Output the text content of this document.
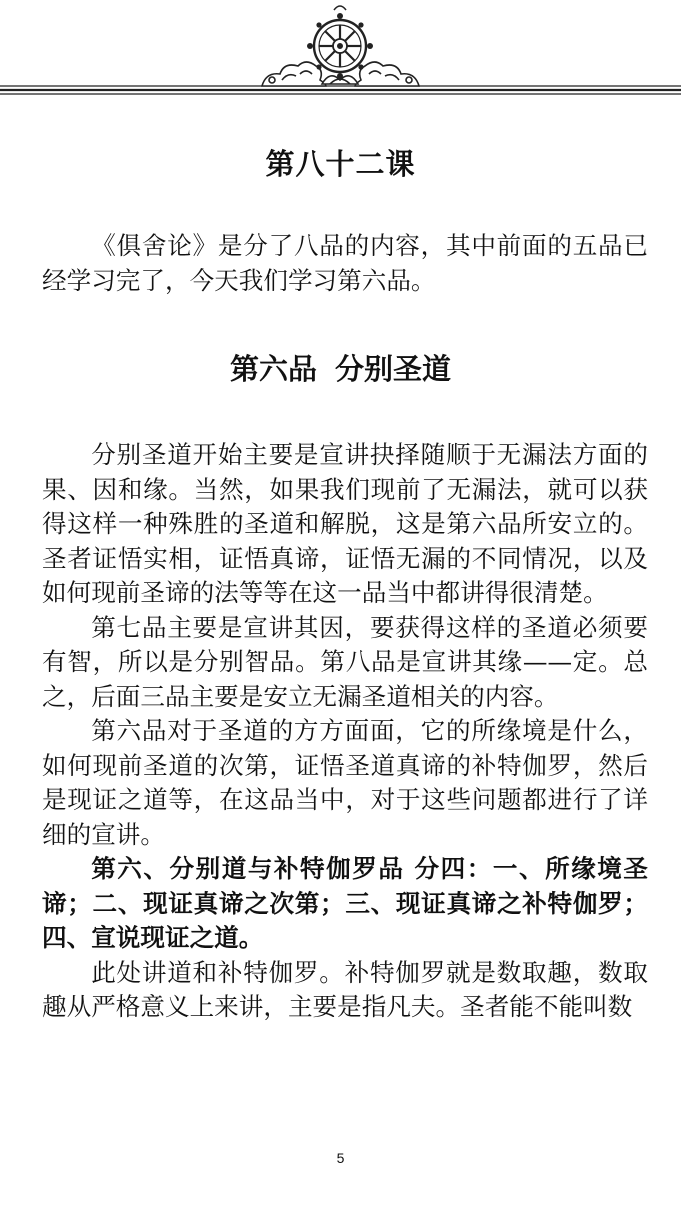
第八十二课

《俱舍论》是分了八品的内容，其中前面的五品已经学习完了，今天我们学习第六品。

第六品 分别圣道

分别圣道开始主要是宣讲抉择随顺于无漏法方面的果、因和缘。当然，如果我们现前了无漏法，就可以获得这样一种殊胜的圣道和解脱，这是第六品所安立的。圣者证悟实相，证悟真谛，证悟无漏的不同情况，以及如何现前圣谛的法等等在这一品当中都讲得很清楚。

第七品主要是宣讲其因，要获得这样的圣道必须要有智，所以是分别智品。第八品是宣讲其缘——定。总之，后面三品主要是安立无漏圣道相关的内容。

第六品对于圣道的方方面面，它的所缘境是什么，如何现前圣道的次第，证悟圣道真谛的补特伽罗，然后是现证之道等，在这品当中，对于这些问题都进行了详细的宣讲。

第六、分别道与补特伽罗品 分四：一、所缘境圣谛；二、现证真谛之次第；三、现证真谛之补特伽罗；四、宣说现证之道。

此处讲道和补特伽罗。补特伽罗就是数取趣，数取趣从严格意义上来讲，主要是指凡夫。圣者能不能叫数

5
